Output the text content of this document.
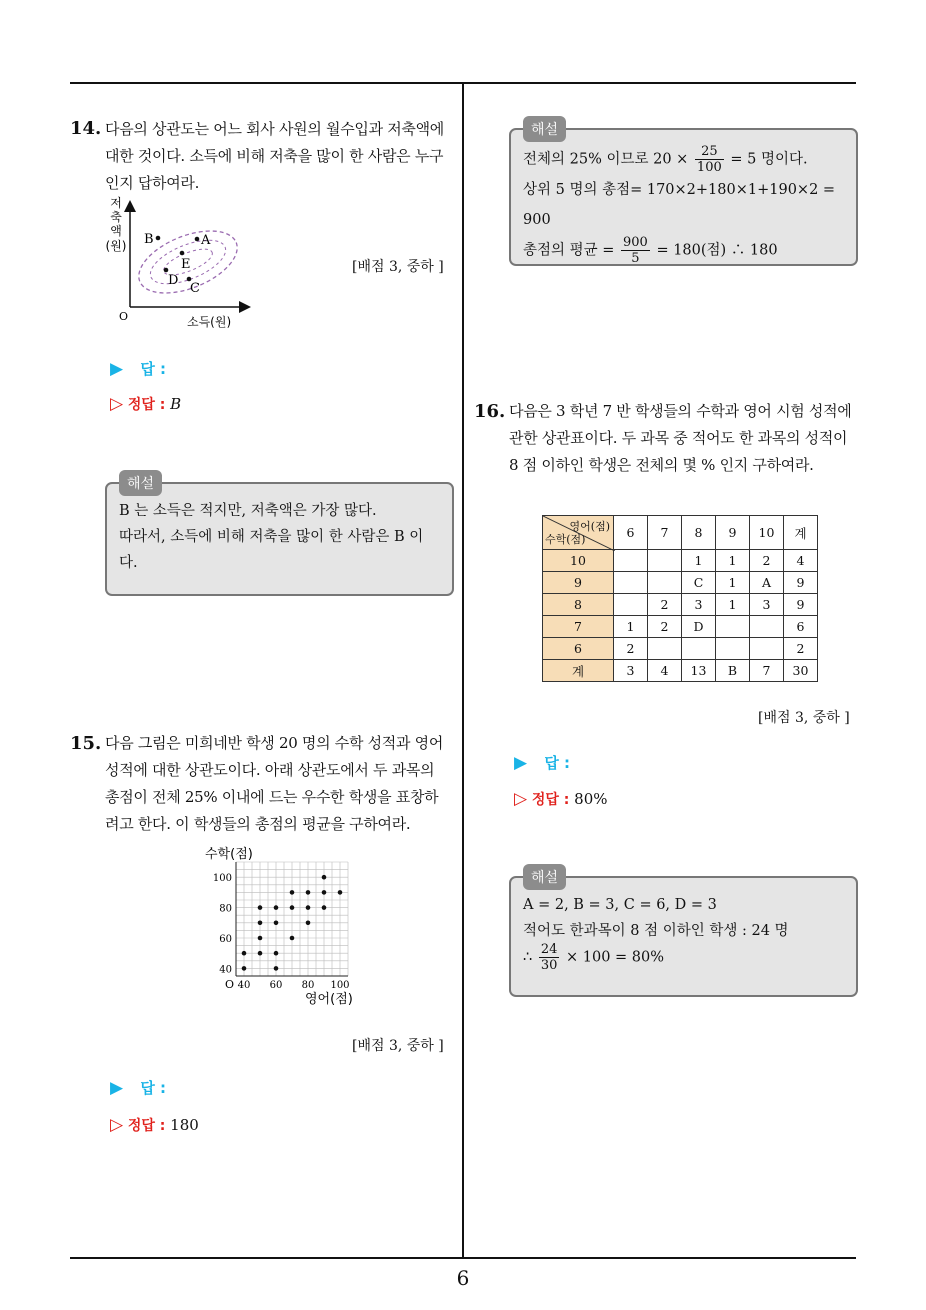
6
14. 다음의 상관도는 어느 회사 사원의 월수입과 저축액에
대한 것이다. 소득에 비해 저축을 많이 한 사람은 누구
인지 답하여라.
B	A
E
D
C
O	소득(원)
저
축
액
(원)
[배점 3, 중하 ]
▶ 답 :
▷ 정답 : B
해설
B 는 소득은 적지만, 저축액은 가장 많다.
따라서, 소득에 비해 저축을 많이 한 사람은 B 이
다.
15. 다음 그림은 미희네반 학생 20 명의 수학 성적과 영어
성적에 대한 상관도이다. 아래 상관도에서 두 과목의
총점이 전체 25% 이내에 드는 우수한 학생을 표창하
려고 한다. 이 학생들의 총점의 평균을 구하여라.
40 60 80 100
40
60
80
100
수학(점)
영어(점)
O
[배점 3, 중하 ]
▶ 답 :
▷ 정답 : 180
해설
전체의 25% 이므로 $20 \times \frac{25}{100} = 5$ 명이다.
상위 5 명의 총점= 170×2+180×1+190×2 = 900
총점의 평균 = $\frac{900}{5} = 180$(점) ∴ 180
16. 다음은 3 학년 7 반 학생들의 수학과 영어 시험 성적에
관한 상관표이다. 두 과목 중 적어도 한 과목의 성적이
8 점 이하인 학생은 전체의 몇 % 인지 구하여라.
영어(점)
수학(점)	6	7	8	9	10	계
10			1	1	2	4
9			C	1	A	9
8		2	3	1	3	9
7	1	2	D			6
6	2					2
계	3	4	13	B	7	30
[배점 3, 중하 ]
▶ 답 :
▷ 정답 : 80%
해설
A = 2, B = 3, C = 6, D = 3
적어도 한과목이 8 점 이하인 학생 : 24 명
∴ $\frac{24}{30} \times 100 = 80\%$
